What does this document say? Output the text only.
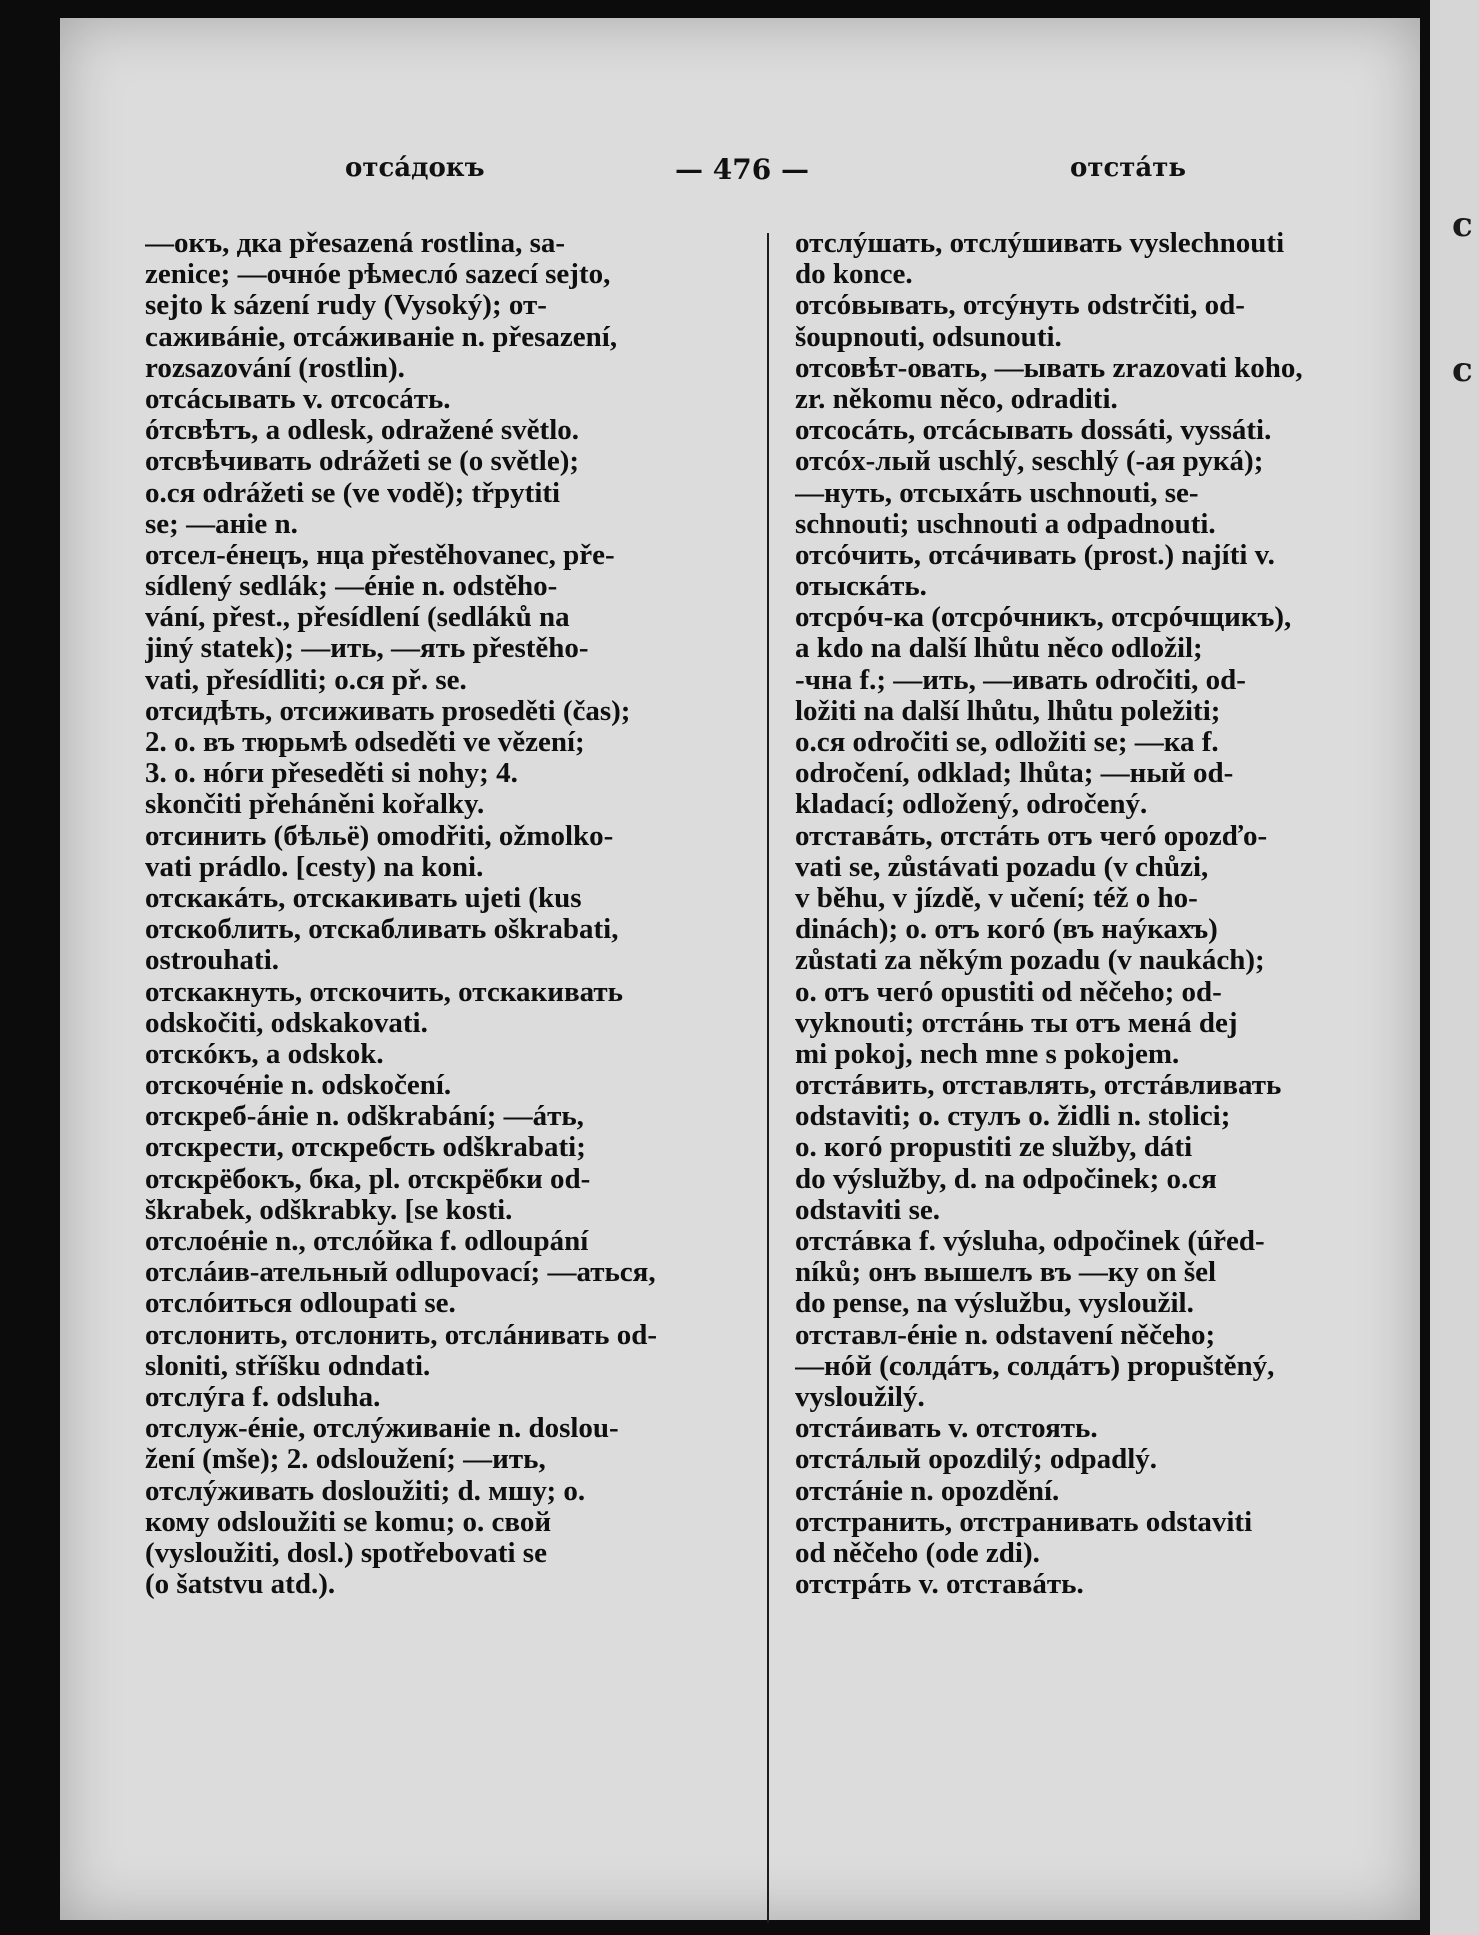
отсáдокъ	— 476 —	отстáть
—окъ, дка přesazená rostlina, sa-
zenice; —очнóе рѣмеслó sazecí sejto,
sejto k sázení rudy (Vysoký); от-
саживáніе, отсáживаніе n. přesazení,
rozsazování (rostlin).
отсáсывать v. отсосáть.
óтсвѣтъ, a odlesk, odražené světlo.
отсвѣчивать odrážeti se (o světle);
o.ся odrážeti se (ve vodě); třpytiti
se; —аніе n.
отсел-éнецъ, нца přestěhovanec, pře-
sídlený sedlák; —éніе n. odstěho-
vání, přest., přesídlení (sedláků na
jiný statek); —ить, —ять přestěho-
vati, přesídliti; o.ся př. se.
отсидѣть, отсиживать proseděti (čas);
2. o. въ тюрьмѣ odseděti ve vězení;
3. o. нóги přeseděti si nohy; 4.
skončiti přeháněni kořalky.
отсинить (бѣльё) omodřiti, ožmolko-
vati prádlo. [cesty) na koni.
отскакáть, отскакивать ujeti (kus
отскоблить, отскабливать oškrabati,
ostrouhati.
отскакнуть, отскочить, отскакивать
odskočiti, odskakovati.
отскóкъ, a odskok.
отскочéніе n. odskočení.
отскреб-áніе n. odškrabání; —áть,
отскрести, отскребсть odškrabati;
отскрёбокъ, бка, pl. отскрёбки od-
škrabek, odškrabky. [se kosti.
отслоéніе n., отслóйка f. odloupání
отслáив-ательный odlupovací; —аться,
отслóиться odloupati se.
отслонить, отслонить, отслáнивать od-
sloniti, stříšku odndati.
отслýга f. odsluha.
отслуж-éніе, отслýживаніе n. doslou-
žení (mše); 2. odsloužení; —ить,
отслýживать dosloužiti; d. мшу; o.
кому odsloužiti se komu; o. свой
(vysloužiti, dosl.) spotřebovati se
(o šatstvu atd.).
отслýшать, отслýшивать vyslechnouti
do konce.
отсóвывать, отсýнуть odstrčiti, od-
šoupnouti, odsunouti.
отсовѣт-овать, —ывать zrazovati koho,
zr. někomu něco, odraditi.
отсосáть, отсáсывать dossáti, vyssáti.
отсóх-лый uschlý, seschlý (-ая рукá);
—нуть, отсыхáть uschnouti, se-
schnouti; uschnouti a odpadnouti.
отсóчить, отсáчивать (prost.) najíti v.
отыскáть.
отсрóч-ка (отсрóчникъ, отсрóчщикъ),
a kdo na další lhůtu něco odložil;
-чна f.; —ить, —ивать odročiti, od-
ložiti na další lhůtu, lhůtu poležiti;
o.ся odročiti se, odložiti se; —ка f.
odročení, odklad; lhůta; —ный od-
kladací; odložený, odročený.
отставáть, отстáть отъ чегó opozďo-
vati se, zůstávati pozadu (v chůzi,
v běhu, v jízdě, v učení; též o ho-
dinách); o. отъ когó (въ наýкахъ)
zůstati za někým pozadu (v naukách);
o. отъ чегó opustiti od něčeho; od-
vyknouti; отстáнь ты отъ менá dej
mi pokoj, nech mne s pokojem.
отстáвить, отставлять, отстáвливать
odstaviti; o. стулъ o. židli n. stolici;
o. когó propustiti ze služby, dáti
do výslužby, d. na odpočinek; o.ся
odstaviti se.
отстáвка f. výsluha, odpočinek (úřed-
níků; онъ вышелъ въ —ку on šel
do pense, na výslužbu, vysloužil.
отставл-éніе n. odstavení něčeho;
—нóй (солдáтъ, солдáтъ) propuštěný,
vysloužilý.
отстáивать v. отстоять.
отстáлый opozdilý; odpadlý.
отстáніе n. opozdění.
отстранить, отстранивать odstaviti
od něčeho (ode zdi).
отстрáть v. отставáть.
c
c
